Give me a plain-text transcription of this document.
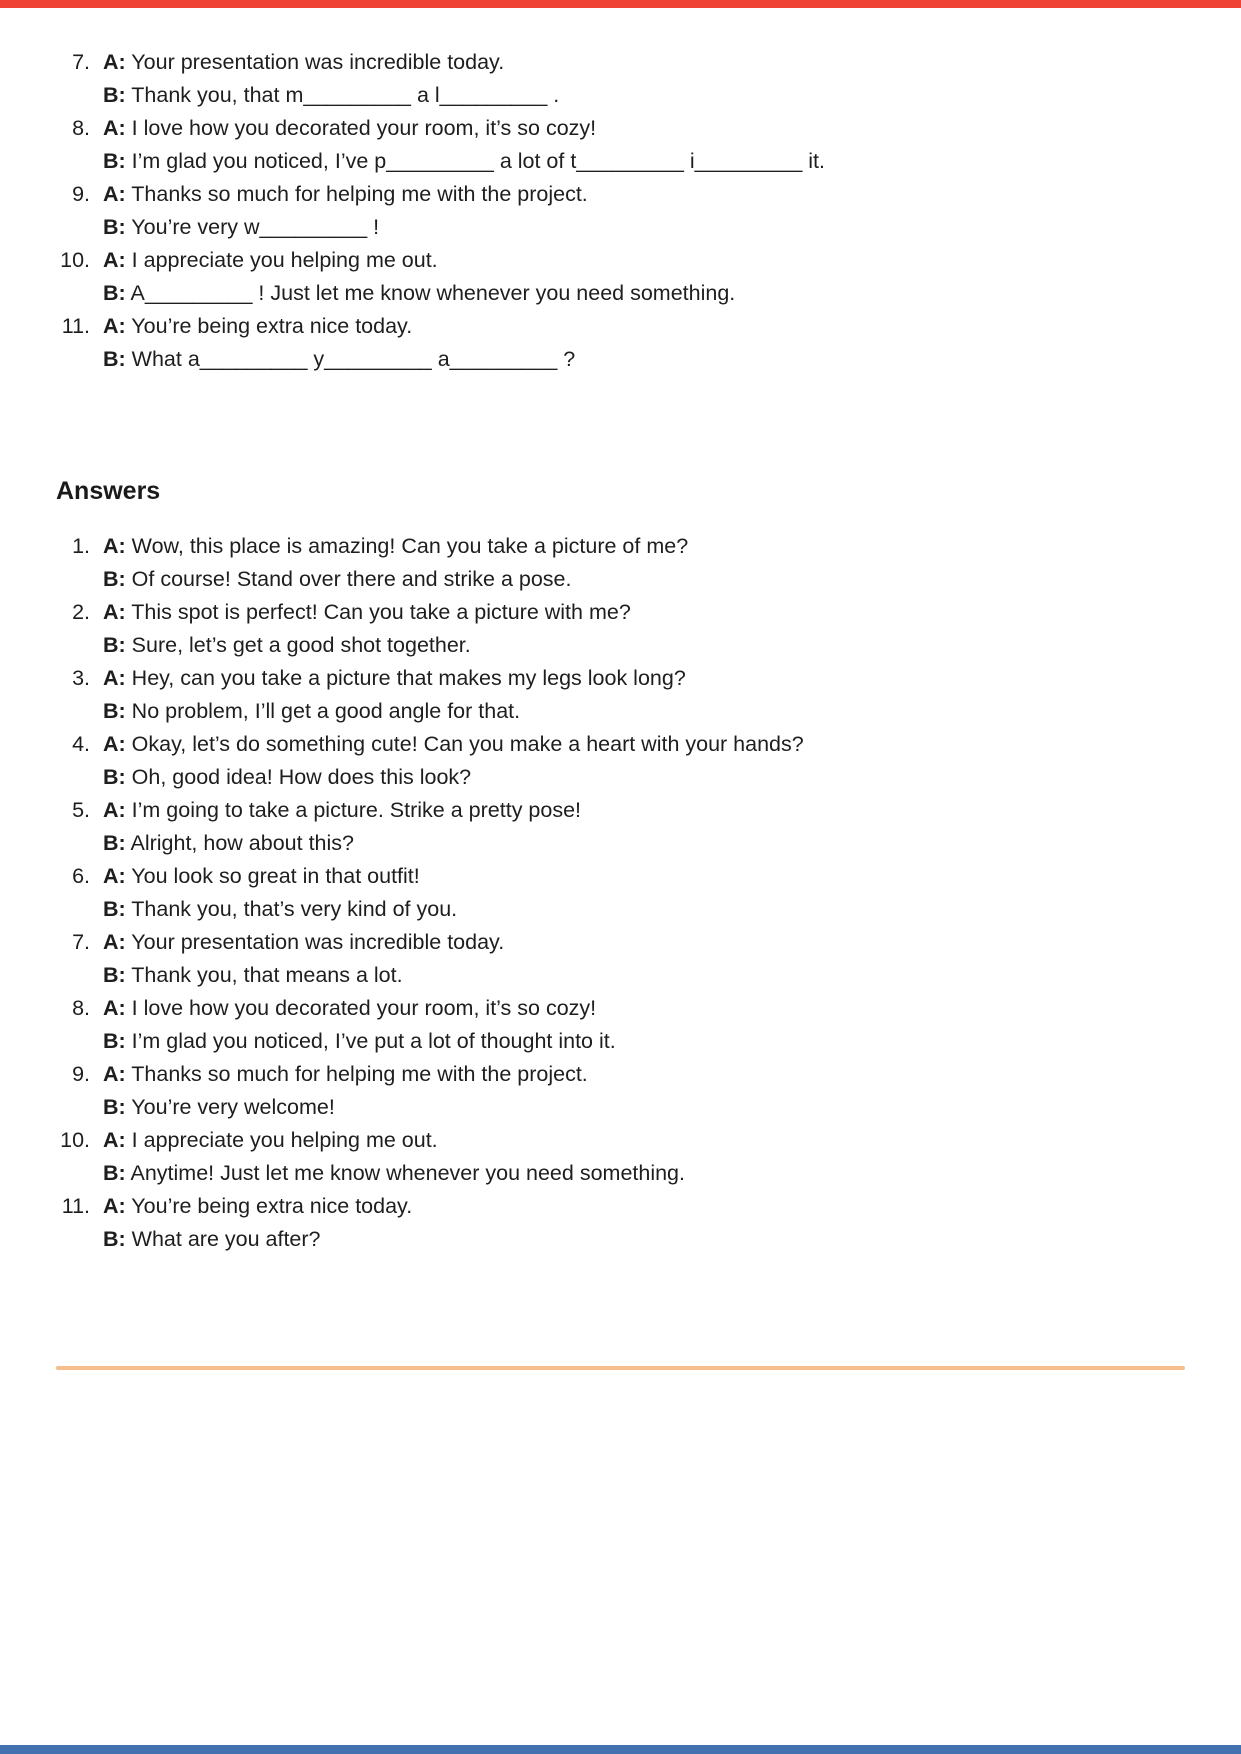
7. A: Your presentation was incredible today.
B: Thank you, that m_________ a l_________ .
8. A: I love how you decorated your room, it’s so cozy!
B: I’m glad you noticed, I’ve p_________ a lot of t_________ i_________ it.
9. A: Thanks so much for helping me with the project.
B: You’re very w_________ !
10. A: I appreciate you helping me out.
B: A_________ ! Just let me know whenever you need something.
11. A: You’re being extra nice today.
B: What a_________ y_________ a_________ ?
Answers
1. A: Wow, this place is amazing! Can you take a picture of me?
B: Of course! Stand over there and strike a pose.
2. A: This spot is perfect! Can you take a picture with me?
B: Sure, let’s get a good shot together.
3. A: Hey, can you take a picture that makes my legs look long?
B: No problem, I’ll get a good angle for that.
4. A: Okay, let’s do something cute! Can you make a heart with your hands?
B: Oh, good idea! How does this look?
5. A: I’m going to take a picture. Strike a pretty pose!
B: Alright, how about this?
6. A: You look so great in that outfit!
B: Thank you, that’s very kind of you.
7. A: Your presentation was incredible today.
B: Thank you, that means a lot.
8. A: I love how you decorated your room, it’s so cozy!
B: I’m glad you noticed, I’ve put a lot of thought into it.
9. A: Thanks so much for helping me with the project.
B: You’re very welcome!
10. A: I appreciate you helping me out.
B: Anytime! Just let me know whenever you need something.
11. A: You’re being extra nice today.
B: What are you after?
